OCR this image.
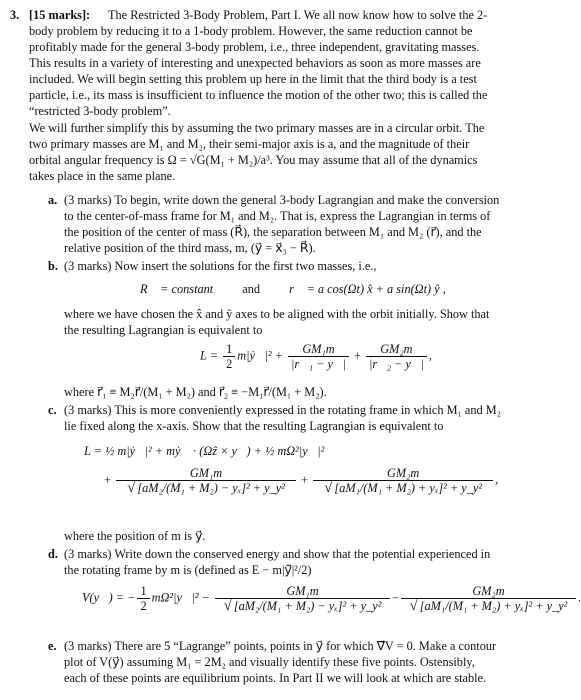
3. [15 marks]: The Restricted 3-Body Problem, Part I. We all now know how to solve the 2-
body problem by reducing it to a 1-body problem. However, the same reduction cannot be
profitably made for the general 3-body problem, i.e., three independent, gravitating masses.
This results in a variety of interesting and unexpected behaviors as soon as more masses are
included. We will begin setting this problem up here in the limit that the third body is a test
particle, i.e., its mass is insufficient to influence the motion of the other two; this is called the
“restricted 3-body problem”.
We will further simplify this by assuming the two primary masses are in a circular orbit. The
two primary masses are M₁ and M₂, their semi-major axis is a, and the magnitude of their
orbital angular frequency is Ω = √G(M₁ + M₂)/a³. You may assume that all of the dynamics
takes place in the same plane.
a. (3 marks) To begin, write down the general 3-body Lagrangian and make the conversion
to the center-of-mass frame for M₁ and M₂. That is, express the Lagrangian in terms of
the position of the center of mass (R⃗), the separation between M₁ and M₂ (r⃗), and the
relative position of the third mass, m, (y⃗ = x⃗₃ − R⃗).
b. (3 marks) Now insert the solutions for the first two masses, i.e.,
R⃗ = constant and r⃗ = a cos(Ωt) x̂ + a sin(Ωt) ŷ ,
where we have chosen the x̂ and ŷ axes to be aligned with the orbit initially. Show that
the resulting Lagrangian is equivalent to
$L = \frac{1}{2}$ m|ẏ⃗|² + $\frac{\text{GM₁m}}{\text{|r⃗₁ − y⃗|}} + \frac{\text{GM₂m}}{\text{|r⃗₂ − y⃗|}}$ ,
where r⃗₁ ≡ M₂r⃗/(M₁ + M₂) and r⃗₂ ≡ −M₁r⃗/(M₁ + M₂).
c. (3 marks) This is more conveniently expressed in the rotating frame in which M₁ and M₂
lie fixed along the x-axis. Show that the resulting Lagrangian is equivalent to
L = ½ m|ẏ⃗|² + mẏ⃗ · (Ωẑ × y⃗) + ½ mΩ²|y⃗|²
+ $\frac{\text{GM₁m}}{\text{√ [aM₂/(M₁ + M₂) − yₓ]² + y\_y²}} + \frac{\text{GM₂m}}{\text{√ [aM₁/(M₁ + M₂) + yₓ]² + y\_y²}}$ ,
where the position of m is y⃗.
d. (3 marks) Write down the conserved energy and show that the potential experienced in
the rotating frame by m is (defined as E − m|ẏ⃗|²/2)
V(y⃗) = − $\frac{1}{2}$ mΩ²|y⃗|² − $\frac{\text{GM₁m}}{\text{√ [aM₂/(M₁ + M₂) − yₓ]² + y\_y²}} - \frac{\text{GM₂m}}{\text{√ [aM₁/(M₁ + M₂) + yₓ]² + y\_y²}}$ .
e. (3 marks) There are 5 “Lagrange” points, points in y⃗ for which ∇⃗V = 0. Make a contour
plot of V(y⃗) assuming M₁ = 2M₂ and visually identify these five points. Ostensibly,
each of these points are equilibrium points. In Part II we will look at which are stable.
